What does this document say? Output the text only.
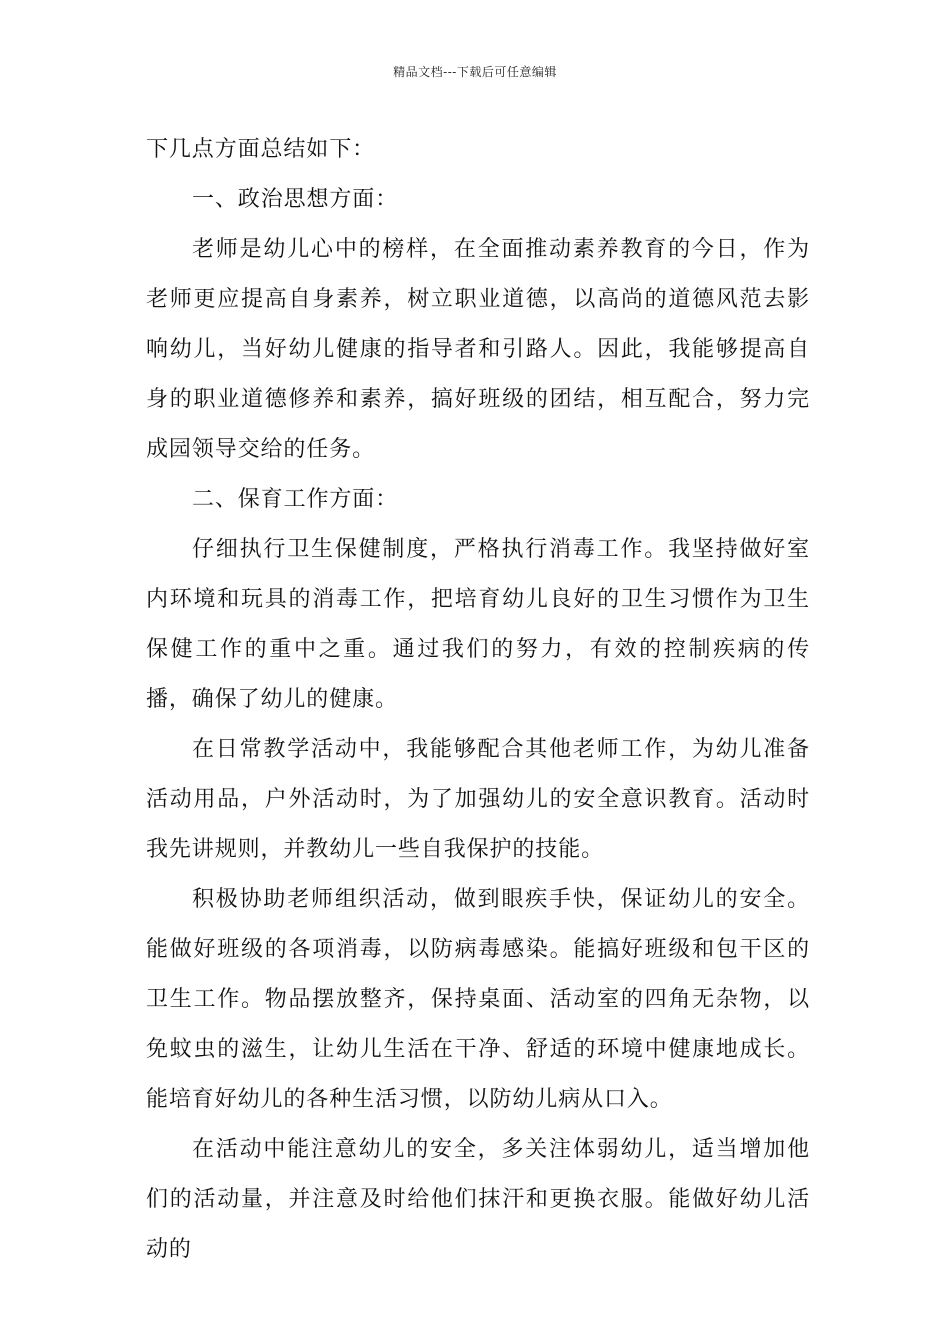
精品文档---下载后可任意编辑

下几点方面总结如下：

一、政治思想方面：

老师是幼儿心中的榜样，在全面推动素养教育的今日，作为老师更应提高自身素养，树立职业道德，以高尚的道德风范去影响幼儿，当好幼儿健康的指导者和引路人。因此，我能够提高自身的职业道德修养和素养，搞好班级的团结，相互配合，努力完成园领导交给的任务。

二、保育工作方面：

仔细执行卫生保健制度，严格执行消毒工作。我坚持做好室内环境和玩具的消毒工作，把培育幼儿良好的卫生习惯作为卫生保健工作的重中之重。通过我们的努力，有效的控制疾病的传播，确保了幼儿的健康。

在日常教学活动中，我能够配合其他老师工作，为幼儿准备活动用品，户外活动时，为了加强幼儿的安全意识教育。活动时我先讲规则，并教幼儿一些自我保护的技能。

积极协助老师组织活动，做到眼疾手快，保证幼儿的安全。能做好班级的各项消毒，以防病毒感染。能搞好班级和包干区的卫生工作。物品摆放整齐，保持桌面、活动室的四角无杂物，以免蚊虫的滋生，让幼儿生活在干净、舒适的环境中健康地成长。能培育好幼儿的各种生活习惯，以防幼儿病从口入。

在活动中能注意幼儿的安全，多关注体弱幼儿，适当增加他们的活动量，并注意及时给他们抹汗和更换衣服。能做好幼儿活动的
